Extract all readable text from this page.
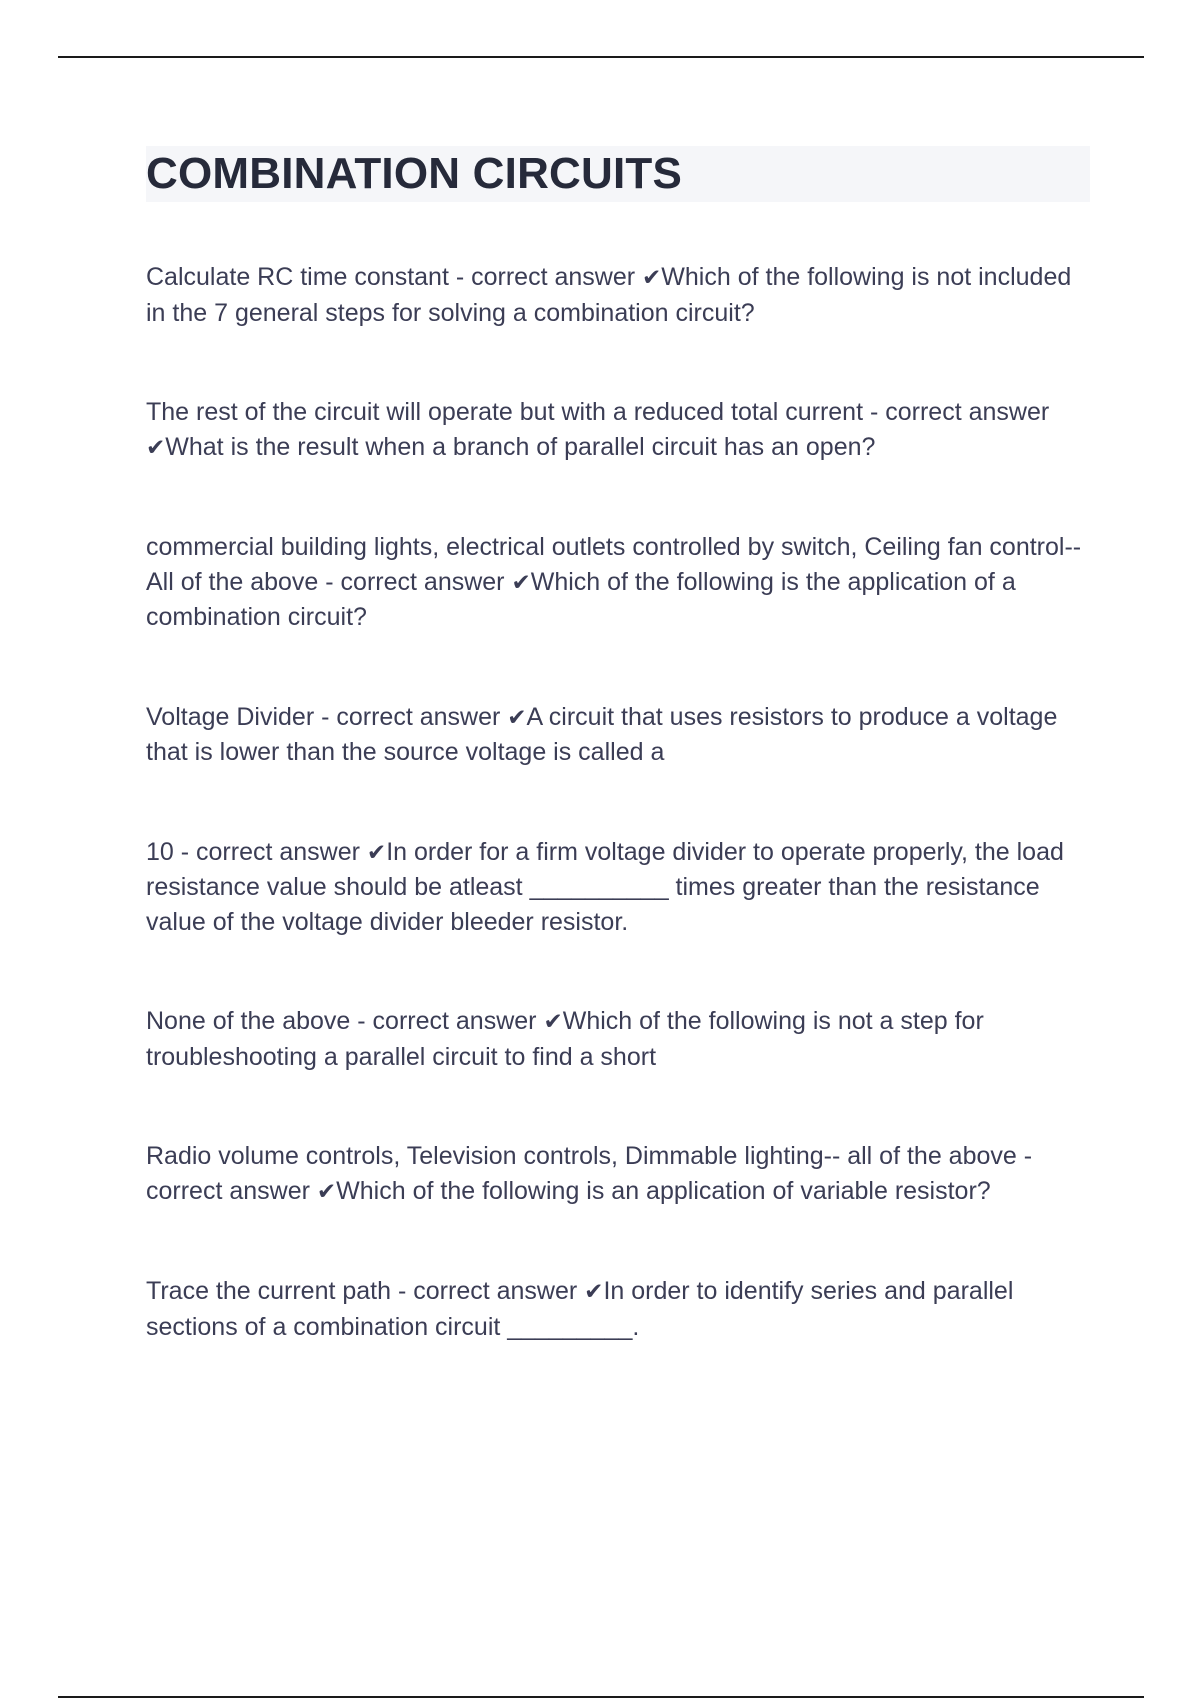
COMBINATION CIRCUITS
Calculate RC time constant - correct answer ✔Which of the following is not included in the 7 general steps for solving a combination circuit?
The rest of the circuit will operate but with a reduced total current - correct answer ✔What is the result when a branch of parallel circuit has an open?
commercial building lights, electrical outlets controlled by switch, Ceiling fan control-- All of the above - correct answer ✔Which of the following is the application of a combination circuit?
Voltage Divider - correct answer ✔A circuit that uses resistors to produce a voltage that is lower than the source voltage is called a
10 - correct answer ✔In order for a firm voltage divider to operate properly, the load resistance value should be atleast __________ times greater than the resistance value of the voltage divider bleeder resistor.
None of the above - correct answer ✔Which of the following is not a step for troubleshooting a parallel circuit to find a short
Radio volume controls, Television controls, Dimmable lighting-- all of the above - correct answer ✔Which of the following is an application of variable resistor?
Trace the current path - correct answer ✔In order to identify series and parallel sections of a combination circuit _________.
